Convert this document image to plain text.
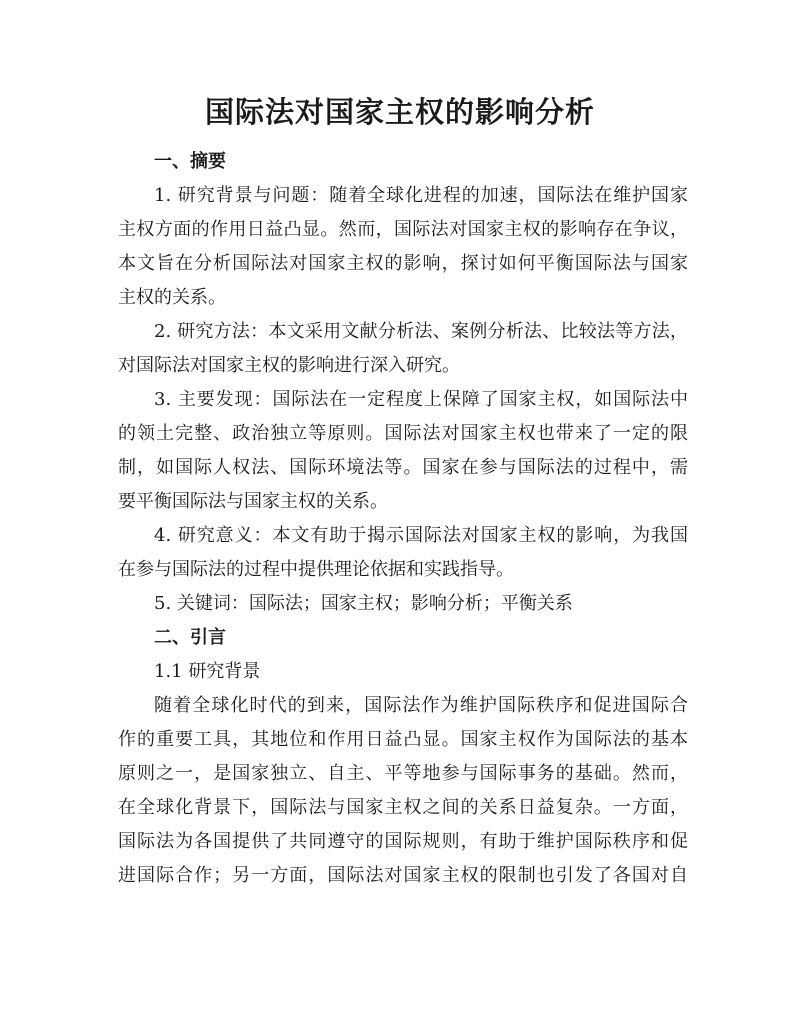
国际法对国家主权的影响分析
一、摘要

1. 研究背景与问题：随着全球化进程的加速，国际法在维护国家
主权方面的作用日益凸显。然而，国际法对国家主权的影响存在争议，
本文旨在分析国际法对国家主权的影响，探讨如何平衡国际法与国家
主权的关系。

2. 研究方法：本文采用文献分析法、案例分析法、比较法等方法，
对国际法对国家主权的影响进行深入研究。

3. 主要发现：国际法在一定程度上保障了国家主权，如国际法中
的领土完整、政治独立等原则。国际法对国家主权也带来了一定的限
制，如国际人权法、国际环境法等。国家在参与国际法的过程中，需
要平衡国际法与国家主权的关系。

4. 研究意义：本文有助于揭示国际法对国家主权的影响，为我国
在参与国际法的过程中提供理论依据和实践指导。

5. 关键词：国际法；国家主权；影响分析；平衡关系

二、引言
1.1 研究背景

随着全球化时代的到来，国际法作为维护国际秩序和促进国际合
作的重要工具，其地位和作用日益凸显。国家主权作为国际法的基本
原则之一，是国家独立、自主、平等地参与国际事务的基础。然而，
在全球化背景下，国际法与国家主权之间的关系日益复杂。一方面，
国际法为各国提供了共同遵守的国际规则，有助于维护国际秩序和促
进国际合作；另一方面，国际法对国家主权的限制也引发了各国对自
